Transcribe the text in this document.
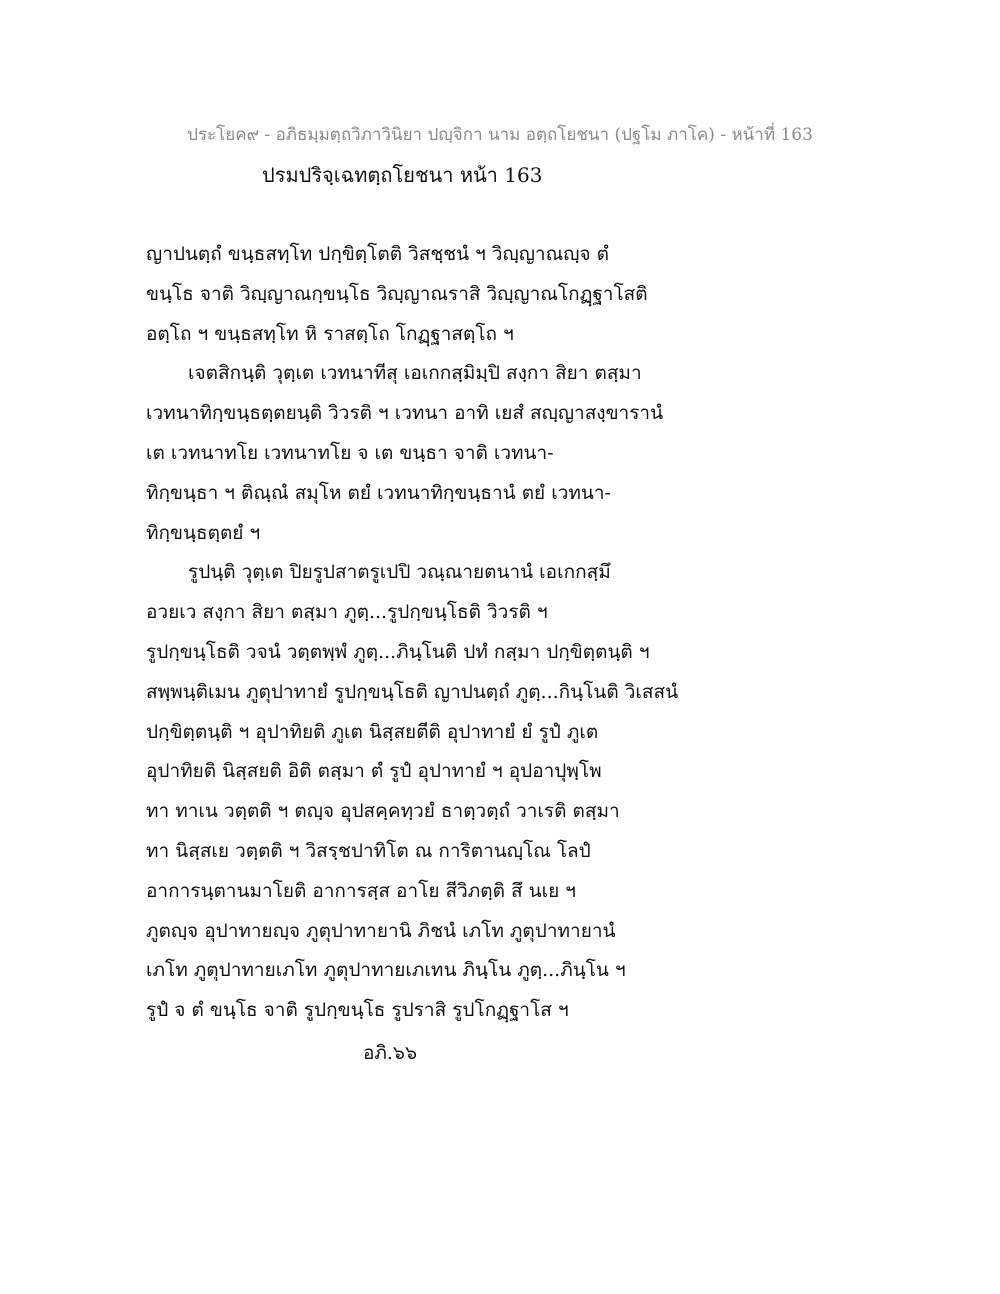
ประโยค๙ - อภิธมฺมตฺถวิภาวินิยา ปญฺจิกา นาม อตฺถโยชนา (ปฐโม ภาโค) - หน้าที่ 163
ปรมปริจฺเฉทตฺถโยชนา หน้า 163
ญาปนตฺถํ ขนฺธสทฺโท ปกฺขิตฺโตติ วิสชฺชนํ ฯ วิญฺญาณญฺจ ตํ
ขนฺโธ จาติ วิญฺญาณกฺขนฺโธ วิญฺญาณราสิ วิญฺญาณโกฏฺฐาโสติ
อตฺโถ ฯ ขนฺธสทฺโท หิ ราสตฺโถ โกฏฺฐาสตฺโถ ฯ
เจตสิกนฺติ วุตฺเต เวทนาทีสุ เอเกกสฺมิมฺปิ สงฺกา สิยา ตสฺมา
เวทนาทิกฺขนฺธตฺตยนฺติ วิวรติ ฯ เวทนา อาทิ เยสํ สญฺญาสงฺขารานํ
เต เวทนาทโย เวทนาทโย จ เต ขนฺธา จาติ เวทนา-
ทิกฺขนฺธา ฯ ติณฺณํ สมุโห ตยํ เวทนาทิกฺขนฺธานํ ตยํ เวทนา-
ทิกฺขนฺธตฺตยํ ฯ
รูปนฺติ วุตฺเต ปิยรูปสาตรูเปปิ วณฺณายตนานํ เอเกกสฺมึ
อวยเว สงฺกา สิยา ตสฺมา ภูตฺ...รูปกฺขนฺโธติ วิวรติ ฯ
รูปกฺขนฺโธติ วจนํ วตฺตพฺพํ ภูตฺ...ภินฺโนติ ปทํ กสฺมา ปกฺขิตฺตนฺติ ฯ
สพฺพนฺติเมน ภูตุปาทายํ รูปกฺขนฺโธติ ญาปนตฺถํ ภูตฺ...กินฺโนติ วิเสสนํ
ปกฺขิตฺตนฺติ ฯ อุปาทิยติ ภูเต นิสฺสยตีติ อุปาทายํ ยํ รูปํ ภูเต
อุปาทิยติ นิสฺสยติ อิติ ตสฺมา ตํ รูปํ อุปาทายํ ฯ อุปอาปุพฺโพ
ทา ทาเน วตฺตติ ฯ ตญฺจ อุปสคฺคทฺวยํ ธาตฺวตฺถํ วาเรติ ตสฺมา
ทา นิสฺสเย วตฺตติ ฯ วิสรฺชปาทิโต ณ การิตานญฺโณ โลปํ
อาการนฺตานมาโยติ อาการสฺส อาโย สีวิภตฺติ สึ นเย ฯ
ภูตญฺจ อุปาทายญฺจ ภูตุปาทายานิ ภิชนํ เภโท ภูตุปาทายานํ
เภโท ภูตุปาทายเภโท ภูตุปาทายเภเทน ภินฺโน ภูตฺ...ภินฺโน ฯ
รูปํ จ ตํ ขนฺโธ จาติ รูปกฺขนฺโธ รูปราสิ รูปโกฏฺฐาโส ฯ
อภิ.๖๖
